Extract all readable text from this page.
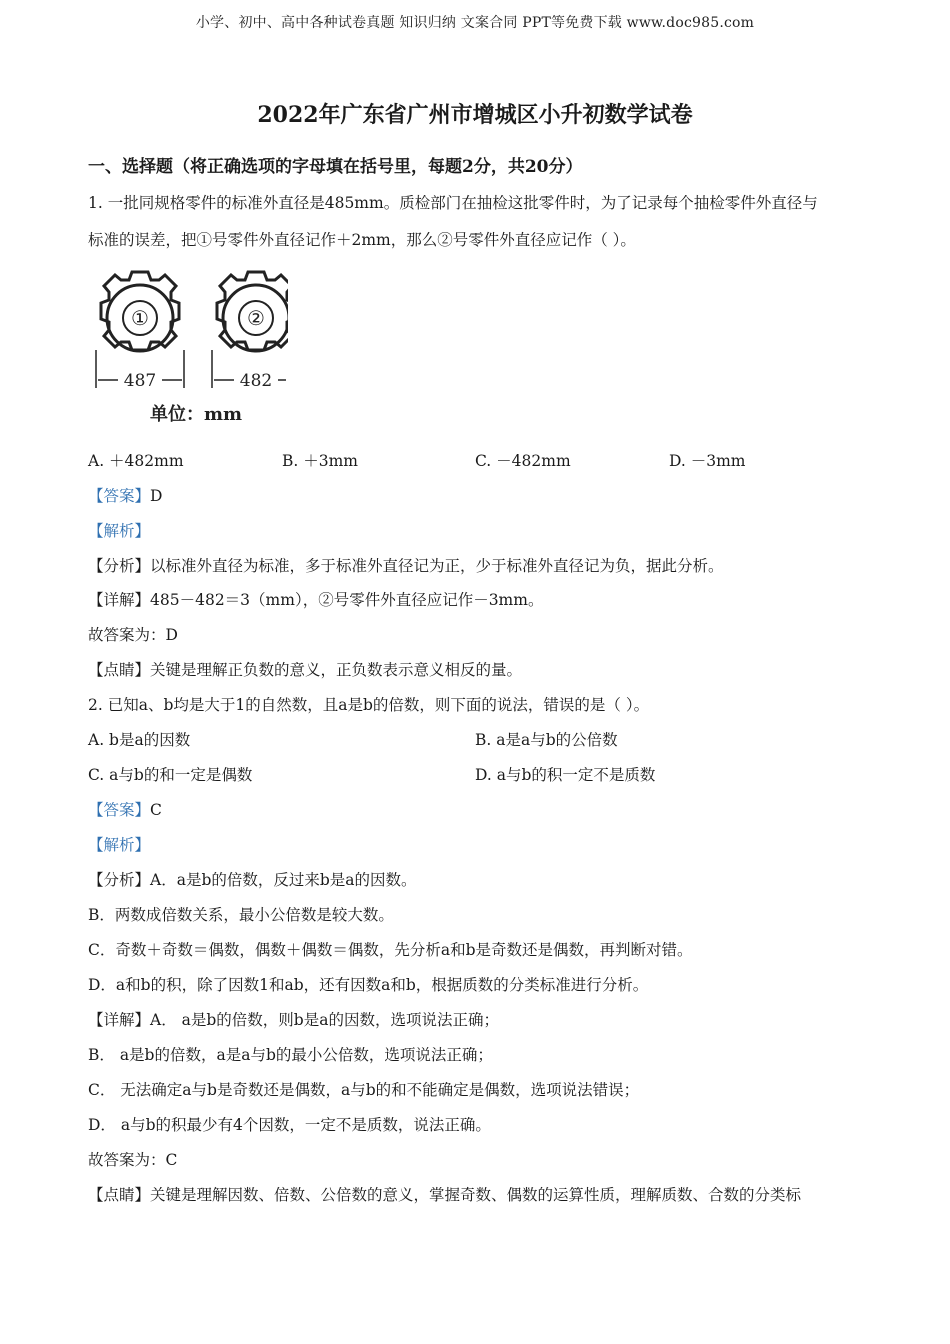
小学、初中、高中各种试卷真题 知识归纳 文案合同 PPT等免费下载 www.doc985.com
2022年广东省广州市增城区小升初数学试卷
一、选择题（将正确选项的字母填在括号里，每题2分，共20分）
1. 一批同规格零件的标准外直径是485mm。质检部门在抽检这批零件时，为了记录每个抽检零件外直径与
标准的误差，把①号零件外直径记作＋2mm，那么②号零件外直径应记作（ ）。
①	②
487	482
单位：mm
A. ＋482mm	B. ＋3mm	C. －482mm	D. －3mm
【答案】D
【解析】
【分析】以标准外直径为标准，多于标准外直径记为正，少于标准外直径记为负，据此分析。
【详解】485－482＝3（mm），②号零件外直径应记作－3mm。
故答案为：D
【点睛】关键是理解正负数的意义，正负数表示意义相反的量。
2. 已知a、b均是大于1的自然数，且a是b的倍数，则下面的说法，错误的是（ ）。
A. b是a的因数	B. a是a与b的公倍数
C. a与b的和一定是偶数	D. a与b的积一定不是质数
【答案】C
【解析】
【分析】A．a是b的倍数，反过来b是a的因数。
B．两数成倍数关系，最小公倍数是较大数。
C．奇数＋奇数＝偶数，偶数＋偶数＝偶数，先分析a和b是奇数还是偶数，再判断对错。
D．a和b的积，除了因数1和ab，还有因数a和b，根据质数的分类标准进行分析。
【详解】A． a是b的倍数，则b是a的因数，选项说法正确；
B． a是b的倍数，a是a与b的最小公倍数，选项说法正确；
C． 无法确定a与b是奇数还是偶数，a与b的和不能确定是偶数，选项说法错误；
D． a与b的积最少有4个因数，一定不是质数，说法正确。
故答案为：C
【点睛】关键是理解因数、倍数、公倍数的意义，掌握奇数、偶数的运算性质，理解质数、合数的分类标
